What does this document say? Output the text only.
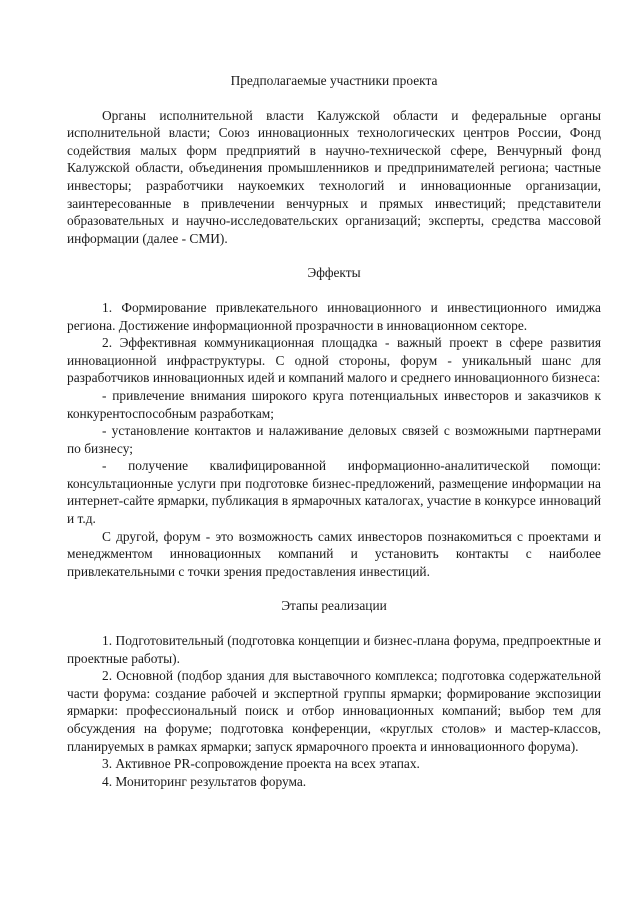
Предполагаемые участники проекта

Органы исполнительной власти Калужской области и федеральные органы исполнительной власти; Союз инновационных технологических центров России, Фонд содействия малых форм предприятий в научно-технической сфере, Венчурный фонд Калужской области, объединения промышленников и предпринимателей региона; частные инвесторы; разработчики наукоемких технологий и инновационные организации, заинтересованные в привлечении венчурных и прямых инвестиций; представители образовательных и научно-исследовательских организаций; эксперты, средства массовой информации (далее - СМИ).

Эффекты

1. Формирование привлекательного инновационного и инвестиционного имиджа региона. Достижение информационной прозрачности в инновационном секторе.

2. Эффективная коммуникационная площадка - важный проект в сфере развития инновационной инфраструктуры. С одной стороны, форум - уникальный шанс для разработчиков инновационных идей и компаний малого и среднего инновационного бизнеса:

- привлечение внимания широкого круга потенциальных инвесторов и заказчиков к конкурентоспособным разработкам;

- установление контактов и налаживание деловых связей с возможными партнерами по бизнесу;

- получение квалифицированной информационно-аналитической помощи: консультационные услуги при подготовке бизнес-предложений, размещение информации на интернет-сайте ярмарки, публикация в ярмарочных каталогах, участие в конкурсе инноваций и т.д.

С другой, форум - это возможность самих инвесторов познакомиться с проектами и менеджментом инновационных компаний и установить контакты с наиболее привлекательными с точки зрения предоставления инвестиций.

Этапы реализации

1. Подготовительный (подготовка концепции и бизнес-плана форума, предпроектные и проектные работы).

2. Основной (подбор здания для выставочного комплекса; подготовка содержательной части форума: создание рабочей и экспертной группы ярмарки; формирование экспозиции ярмарки: профессиональный поиск и отбор инновационных компаний; выбор тем для обсуждения на форуме; подготовка конференции, «круглых столов» и мастер-классов, планируемых в рамках ярмарки; запуск ярмарочного проекта и инновационного форума).

3. Активное PR-сопровождение проекта на всех этапах.

4. Мониторинг результатов форума.
